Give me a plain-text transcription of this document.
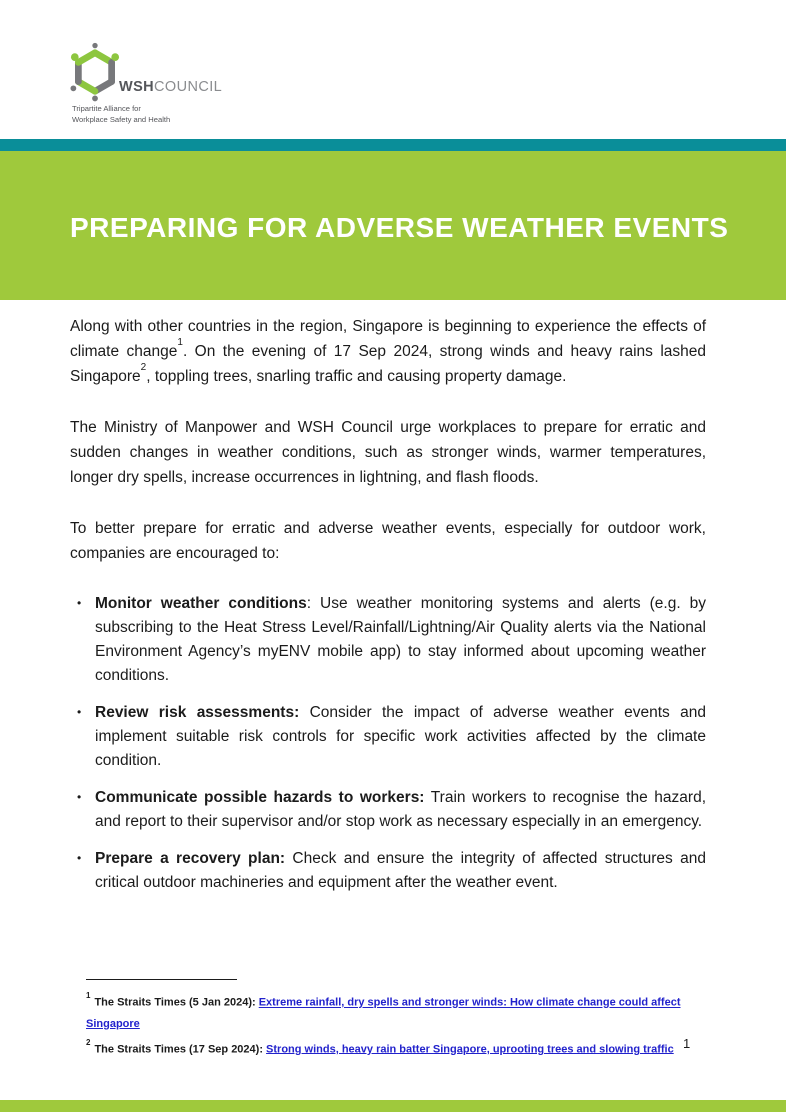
WSHCOUNCIL
Tripartite Alliance for
Workplace Safety and Health
PREPARING FOR ADVERSE WEATHER EVENTS

Along with other countries in the region, Singapore is beginning to experience the effects of climate change$^1$. On the evening of 17 Sep 2024, strong winds and heavy rains lashed Singapore$^2$, toppling trees, snarling traffic and causing property damage.

The Ministry of Manpower and WSH Council urge workplaces to prepare for erratic and sudden changes in weather conditions, such as stronger winds, warmer temperatures, longer dry spells, increase occurrences in lightning, and flash floods.

To better prepare for erratic and adverse weather events, especially for outdoor work, companies are encouraged to:

• Monitor weather conditions: Use weather monitoring systems and alerts (e.g. by subscribing to the Heat Stress Level/Rainfall/Lightning/Air Quality alerts via the National Environment Agency’s myENV mobile app) to stay informed about upcoming weather conditions.
• Review risk assessments: Consider the impact of adverse weather events and implement suitable risk controls for specific work activities affected by the climate condition.
• Communicate possible hazards to workers: Train workers to recognise the hazard, and report to their supervisor and/or stop work as necessary especially in an emergency.
• Prepare a recovery plan: Check and ensure the integrity of affected structures and critical outdoor machineries and equipment after the weather event.
$^1$The Straits Times (5 Jan 2024): Extreme rainfall, dry spells and stronger winds: How climate change could affect Singapore
$^2$The Straits Times (17 Sep 2024): Strong winds, heavy rain batter Singapore, uprooting trees and slowing traffic 1
